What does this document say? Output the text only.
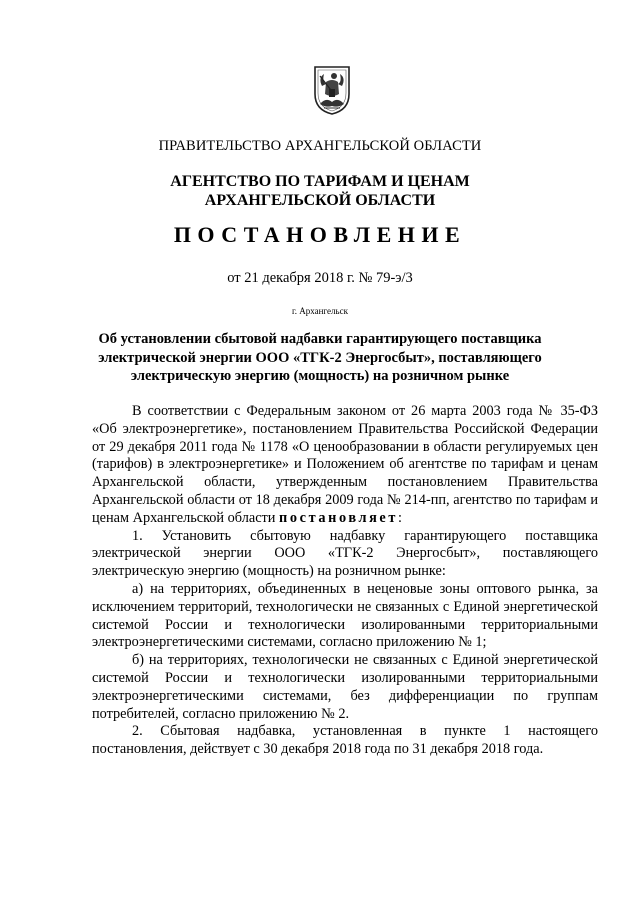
ПРАВИТЕЛЬСТВО АРХАНГЕЛЬСКОЙ ОБЛАСТИ
АГЕНТСТВО ПО ТАРИФАМ И ЦЕНАМ
АРХАНГЕЛЬСКОЙ ОБЛАСТИ
ПОСТАНОВЛЕНИЕ
от 21 декабря 2018 г. № 79-э/3
г. Архангельск
Об установлении сбытовой надбавки гарантирующего поставщика
электрической энергии ООО «ТГК-2 Энергосбыт», поставляющего
электрическую энергию (мощность) на розничном рынке

В соответствии с Федеральным законом от 26 марта 2003 года № 35-ФЗ «Об электроэнергетике», постановлением Правительства Российской Федерации от 29 декабря 2011 года № 1178 «О ценообразовании в области регулируемых цен (тарифов) в электроэнергетике» и Положением об агентстве по тарифам и ценам Архангельской области, утвержденным постановлением Правительства Архангельской области от 18 декабря 2009 года № 214-пп, агентство по тарифам и ценам Архангельской области постановляет:

1. Установить сбытовую надбавку гарантирующего поставщика электрической энергии ООО «ТГК-2 Энергосбыт», поставляющего электрическую энергию (мощность) на розничном рынке:

а) на территориях, объединенных в неценовые зоны оптового рынка, за исключением территорий, технологически не связанных с Единой энергетической системой России и технологически изолированными территориальными электроэнергетическими системами, согласно приложению № 1;

б) на территориях, технологически не связанных с Единой энергетической системой России и технологически изолированными территориальными электроэнергетическими системами, без дифференциации по группам потребителей, согласно приложению № 2.

2. Сбытовая надбавка, установленная в пункте 1 настоящего постановления, действует с 30 декабря 2018 года по 31 декабря 2018 года.
